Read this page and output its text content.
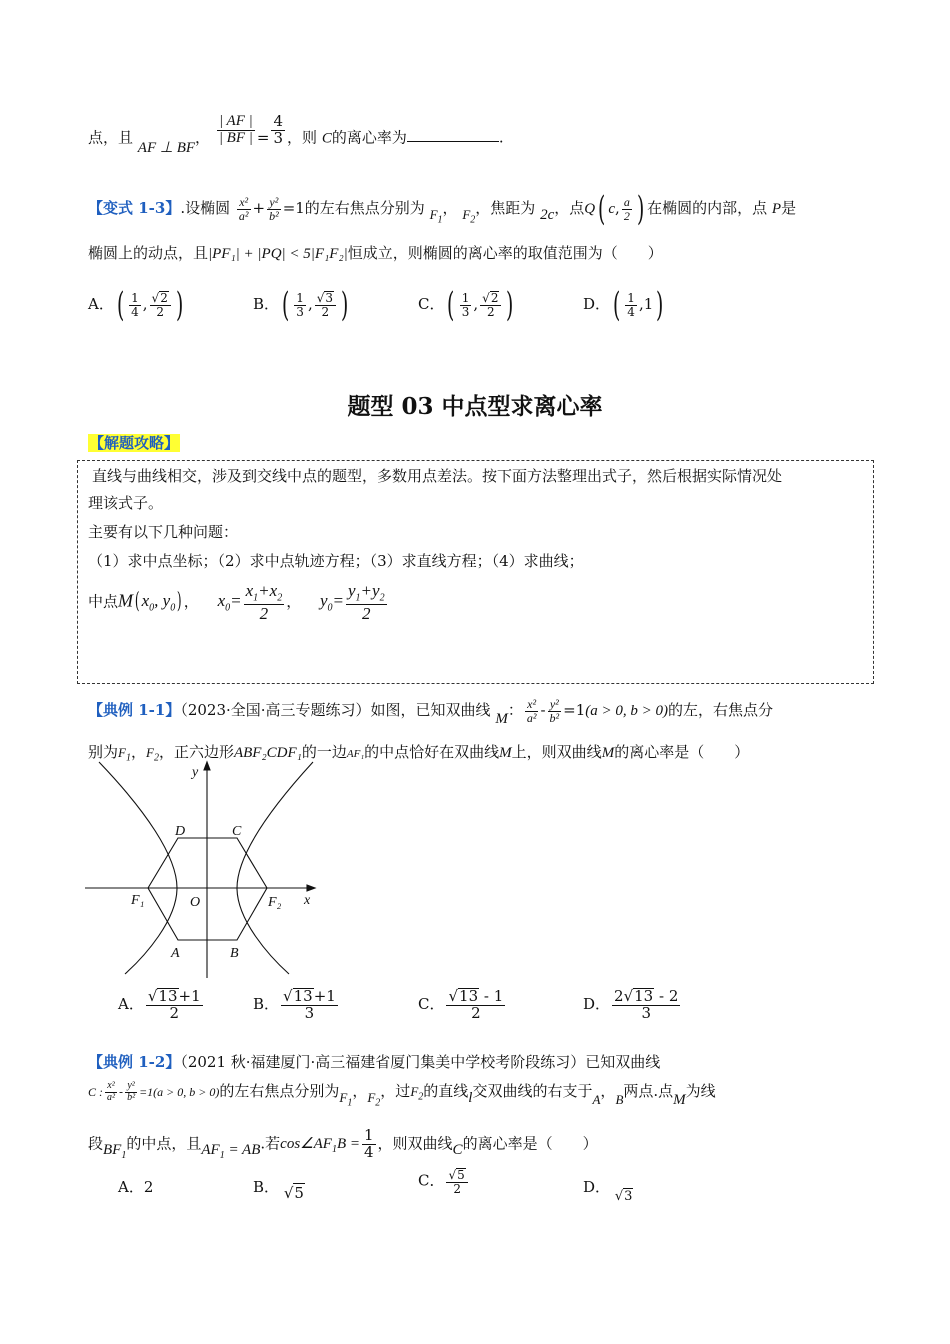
点，且 AF ⊥ BF， $\frac{| AF |}{| BF |} = \frac{4}{3}$ ，则 C的离心率为	.
【变式 1-3】.设椭圆 $\frac{\text{x²}}{\text{a²}} + \frac{\text{y²}}{\text{b²}} =1$的左右焦点分别为 $F_1$， $F_2$，焦距为 2c，点Q( c, $\frac{a}{2}$ ) 在椭圆的内部，点 P是
椭圆上的动点，且|PF₁| + |PQ| < 5|F₁F₂|恒成立，则椭圆的离心率的取值范围为（　　）
A．( $\frac{1}{4}$ , $\frac{√2}{2}$ )	B．( $\frac{1}{3}$ , $\frac{√3}{2}$ )	C．( $\frac{1}{3}$ , $\frac{√2}{2}$ )	D．( $\frac{1}{4} ,1$)
题型 03 中点型求离心率
【解题攻略】
直线与曲线相交，涉及到交线中点的题型，多数用点差法。按下面方法整理出式子，然后根据实际情况处
理该式子。
主要有以下几种问题：
（1）求中点坐标；（2）求中点轨迹方程；（3）求直线方程；（4）求曲线；
中点M( $x_0$, $y_0$) ， $x_0= \frac{x_1+x_2}{2}$ ， $y_0= \frac{y_1+y_2}{2}$
【典例 1-1】（2023·全国·高三专题练习）如图，已知双曲线 M： $\frac{\text{x²}}{\text{a²}} - \frac{\text{y²}}{\text{b²}} =1(a > 0$, b > 0)的左，右焦点分
别为$F_1$，$F_2$，正六边形ABF₂CDF₁的一边AF₁的中点恰好在双曲线M上，则双曲线M的离心率是（　　）
y
x
O
D	C
A	B
F₁	F₂
A． $\frac{√13+1}{2}$	B． $\frac{√13+1}{3}$	C． $\frac{√13 - 1}{2}$	D． $\frac{2√13 - 2}{3}$
【典例 1-2】（2021 秋·福建厦门·高三福建省厦门集美中学校考阶段练习）已知双曲线
C : $\frac{\text{x²}}{\text{a²}} - \frac{\text{y²}}{\text{b²}} =1(a > 0$, b > 0)的左右焦点分别为$F_1$，$F_2$，过$F_2$的直线l交双曲线的右支于A，B两点.点M为线
段$BF_1$的中点，且$AF_1$ = AB.若$\cos\angle AF_1B = \frac{1}{4}$ ，则双曲线C的离心率是（　　）
A．2	B． √5
C． $\frac{√5}{2}$	D． √3
